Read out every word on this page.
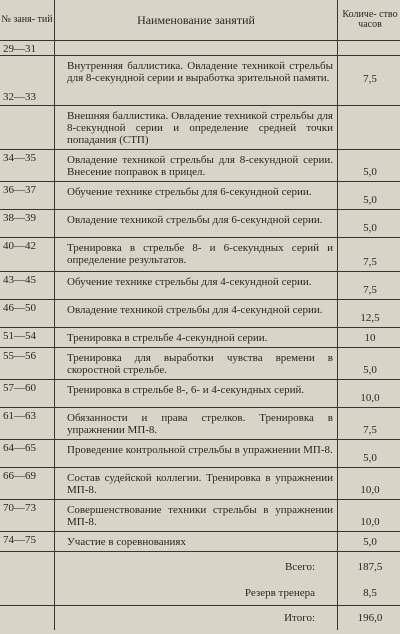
№ заня- тий	Наименование занятий	Количе- ство часов
29—31		
32—33	Внутренняя баллистика. Овладение техникой стрельбы для 8-секундной серии и выработка зрительной памяти.	7,5
	Внешняя баллистика. Овладение техникой стрельбы для 8-секундной серии и определение средней точки попадания (СТП)	
34—35	Овладение техникой стрельбы для 8-секундной серии. Внесение поправок в прицел.	5,0
36—37	Обучение технике стрельбы для 6-секундной серии.	5,0
38—39	Овладение техникой стрельбы для 6-секундной серии.	5,0
40—42	Тренировка в стрельбе 8- и 6-секундных серий и определение результатов.	7,5
43—45	Обучение технике стрельбы для 4-секундной серии.	7,5
46—50	Овладение техникой стрельбы для 4-секундной серии.	12,5
51—54	Тренировка в стрельбе 4-секундной серии.	10
55—56	Тренировка для выработки чувства времени в скоростной стрельбе.	5,0
57—60	Тренировка в стрельбе 8-, 6- и 4-секундных серий.	10,0
61—63	Обязанности и права стрелков. Тренировка в упражнении МП-8.	7,5
64—65	Проведение контрольной стрельбы в упражнении МП-8.	5,0
66—69	Состав судейской коллегии. Тренировка в упражнении МП-8.	10,0
70—73	Совершенствование техники стрельбы в упражнении МП-8.	10,0
74—75	Участие в соревнованиях	5,0
	Всего:	187,5
	Резерв тренера	8,5
	Итого:	196,0
